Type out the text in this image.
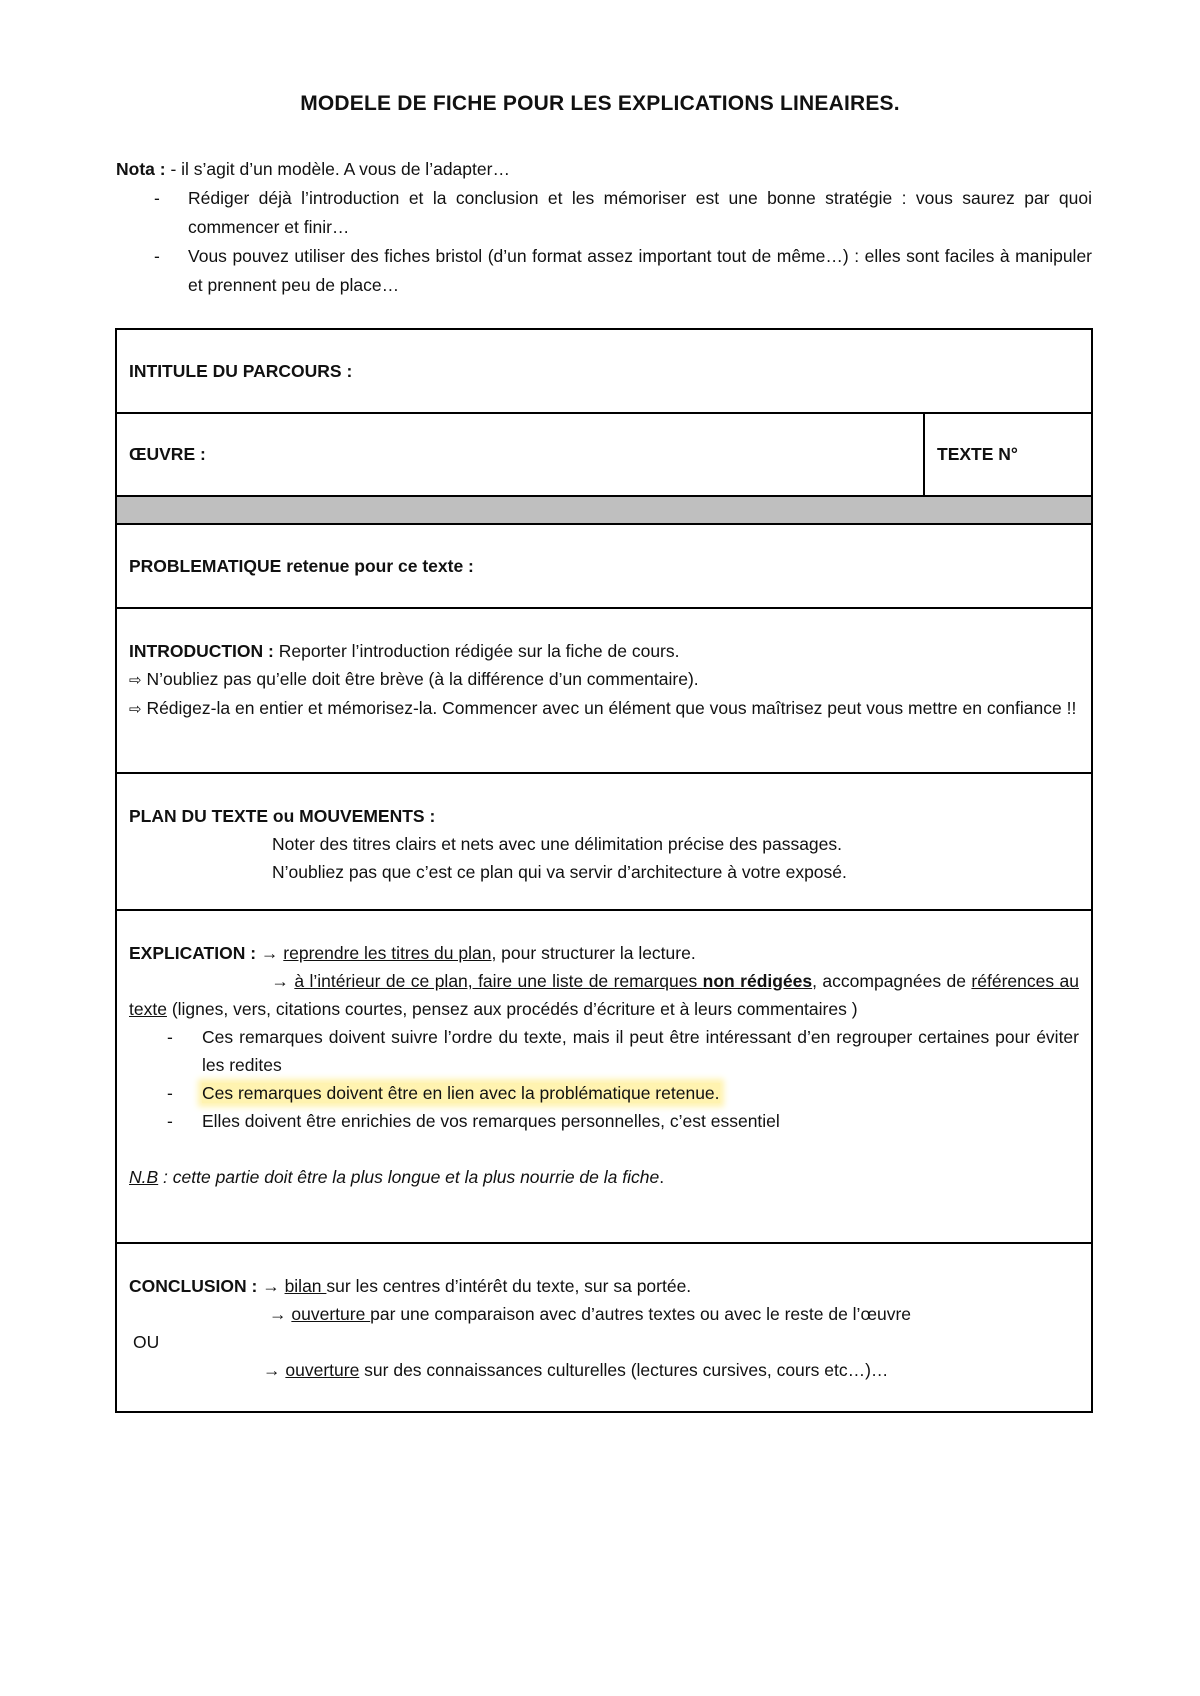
MODELE DE FICHE POUR LES EXPLICATIONS LINEAIRES.
Nota : - il s’agit d’un modèle. A vous de l’adapter…
- Rédiger déjà l’introduction et la conclusion et les mémoriser est une bonne stratégie : vous saurez par quoi commencer et finir…
- Vous pouvez utiliser des fiches bristol (d’un format assez important tout de même…) : elles sont faciles à manipuler et prennent peu de place…
INTITULE DU PARCOURS :
ŒUVRE :	TEXTE N°
PROBLEMATIQUE retenue pour ce texte :
INTRODUCTION : Reporter l’introduction rédigée sur la fiche de cours.
⇨ N’oubliez pas qu’elle doit être brève (à la différence d’un commentaire).
⇨ Rédigez-la en entier et mémorisez-la. Commencer avec un élément que vous maîtrisez peut vous mettre en confiance !!
PLAN DU TEXTE ou MOUVEMENTS :
Noter des titres clairs et nets avec une délimitation précise des passages.
N’oubliez pas que c’est ce plan qui va servir d’architecture à votre exposé.
EXPLICATION : → reprendre les titres du plan, pour structurer la lecture.
→ à l’intérieur de ce plan, faire une liste de remarques non rédigées, accompagnées de références au texte (lignes, vers, citations courtes, pensez aux procédés d’écriture et à leurs commentaires )
- Ces remarques doivent suivre l’ordre du texte, mais il peut être intéressant d’en regrouper certaines pour éviter les redites
- Ces remarques doivent être en lien avec la problématique retenue.
- Elles doivent être enrichies de vos remarques personnelles, c’est essentiel
N.B : cette partie doit être la plus longue et la plus nourrie de la fiche.
CONCLUSION : → bilan sur les centres d’intérêt du texte, sur sa portée.
→ ouverture par une comparaison avec d’autres textes ou avec le reste de l’œuvre
OU
→ ouverture sur des connaissances culturelles (lectures cursives, cours etc…)…
